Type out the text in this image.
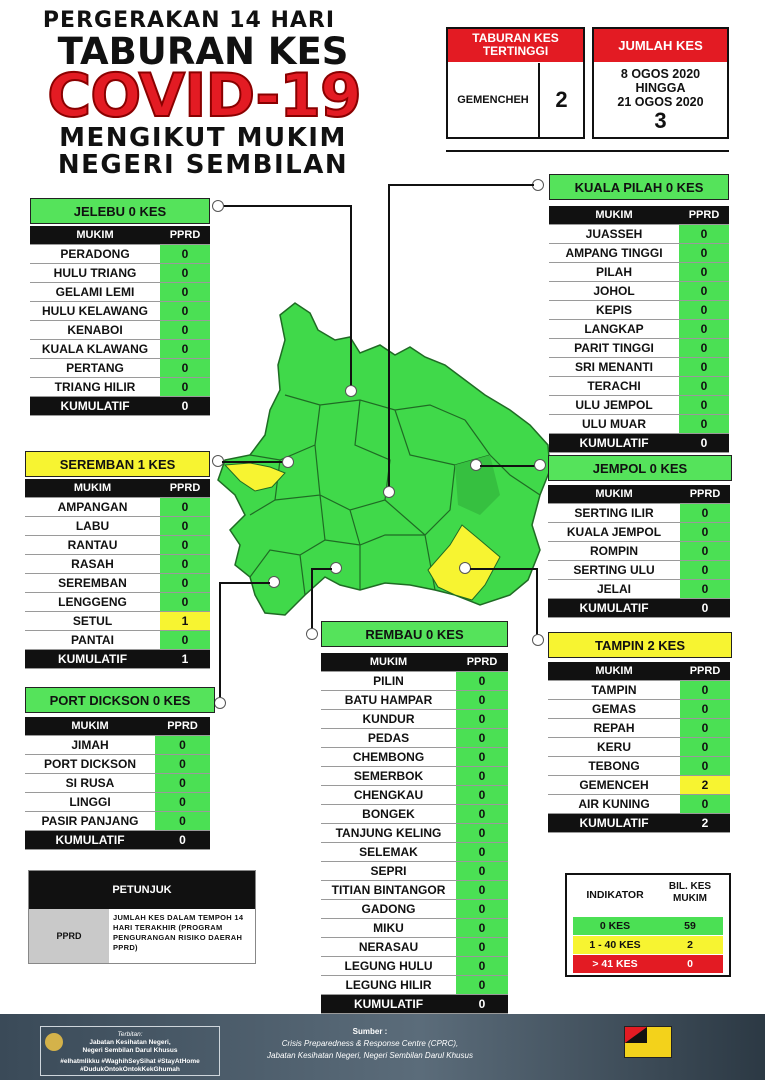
PERGERAKAN 14 HARI
TABURAN KES
COVID-19
MENGIKUT MUKIM
NEGERI SEMBILAN
TABURAN KES TERTINGGI
GEMENCHEH	2
JUMLAH KES
8 OGOS 2020
HINGGA
21 OGOS 2020
3
JELEBU 0 KES
MUKIM	PPRD
PERADONG	0
HULU TRIANG	0
GELAMI LEMI	0
HULU KELAWANG	0
KENABOI	0
KUALA KLAWANG	0
PERTANG	0
TRIANG HILIR	0
KUMULATIF	0
SEREMBAN 1 KES
MUKIM	PPRD
AMPANGAN	0
LABU	0
RANTAU	0
RASAH	0
SEREMBAN	0
LENGGENG	0
SETUL	1
PANTAI	0
KUMULATIF	1
PORT DICKSON 0 KES
MUKIM	PPRD
JIMAH	0
PORT DICKSON	0
SI RUSA	0
LINGGI	0
PASIR PANJANG	0
KUMULATIF	0
KUALA PILAH 0 KES
MUKIM	PPRD
JUASSEH	0
AMPANG TINGGI	0
PILAH	0
JOHOL	0
KEPIS	0
LANGKAP	0
PARIT TINGGI	0
SRI MENANTI	0
TERACHI	0
ULU JEMPOL	0
ULU MUAR	0
KUMULATIF	0
JEMPOL 0 KES
MUKIM	PPRD
SERTING ILIR	0
KUALA JEMPOL	0
ROMPIN	0
SERTING ULU	0
JELAI	0
KUMULATIF	0
TAMPIN 2 KES
MUKIM	PPRD
TAMPIN	0
GEMAS	0
REPAH	0
KERU	0
TEBONG	0
GEMENCEH	2
AIR KUNING	0
KUMULATIF	2
REMBAU 0 KES
MUKIM	PPRD
PILIN	0
BATU HAMPAR	0
KUNDUR	0
PEDAS	0
CHEMBONG	0
SEMERBOK	0
CHENGKAU	0
BONGEK	0
TANJUNG KELING	0
SELEMAK	0
SEPRI	0
TITIAN BINTANGOR	0
GADONG	0
MIKU	0
NERASAU	0
LEGUNG HULU	0
LEGUNG HILIR	0
KUMULATIF	0
PETUNJUK
PPRD
JUMLAH KES DALAM TEMPOH 14 HARI TERAKHIR (PROGRAM PENGURANGAN RISIKO DAERAH PPRD)
INDIKATOR
BIL. KES MUKIM
0 KES	59
1 - 40 KES	2
> 41 KES	0
Terbitan:
Jabatan Kesihatan Negeri,
Negeri Sembilan Darul Khusus
#elhatmlikku #WaghihSeySihat #StayAtHome
#DudukOntokOntokKekGhumah
Sumber :
Crisis Preparedness & Response Centre (CPRC),
Jabatan Kesihatan Negeri, Negeri Sembilan Darul Khusus
